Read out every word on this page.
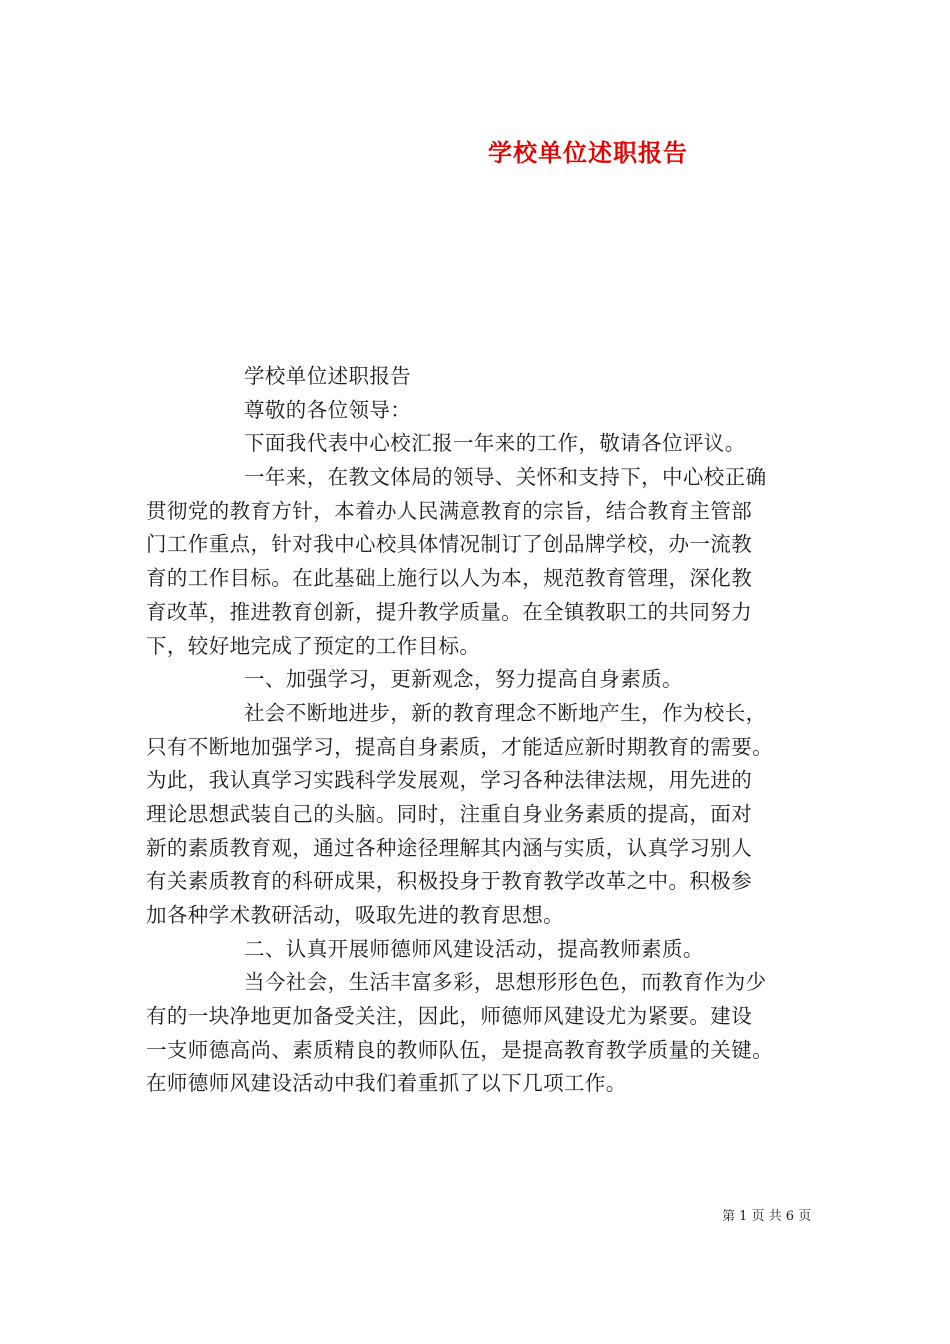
学校单位述职报告
学校单位述职报告
尊敬的各位领导：
下面我代表中心校汇报一年来的工作，敬请各位评议。
一年来，在教文体局的领导、关怀和支持下，中心校正确
贯彻党的教育方针，本着办人民满意教育的宗旨，结合教育主管部
门工作重点，针对我中心校具体情况制订了创品牌学校，办一流教
育的工作目标。在此基础上施行以人为本，规范教育管理，深化教
育改革，推进教育创新，提升教学质量。在全镇教职工的共同努力
下，较好地完成了预定的工作目标。
一、加强学习，更新观念，努力提高自身素质。
社会不断地进步，新的教育理念不断地产生，作为校长，
只有不断地加强学习，提高自身素质，才能适应新时期教育的需要。
为此，我认真学习实践科学发展观，学习各种法律法规，用先进的
理论思想武装自己的头脑。同时，注重自身业务素质的提高，面对
新的素质教育观，通过各种途径理解其内涵与实质，认真学习别人
有关素质教育的科研成果，积极投身于教育教学改革之中。积极参
加各种学术教研活动，吸取先进的教育思想。
二、认真开展师德师风建设活动，提高教师素质。
当今社会，生活丰富多彩，思想形形色色，而教育作为少
有的一块净地更加备受关注，因此，师德师风建设尤为紧要。建设
一支师德高尚、素质精良的教师队伍，是提高教育教学质量的关键。
在师德师风建设活动中我们着重抓了以下几项工作。
第 1 页 共 6 页
